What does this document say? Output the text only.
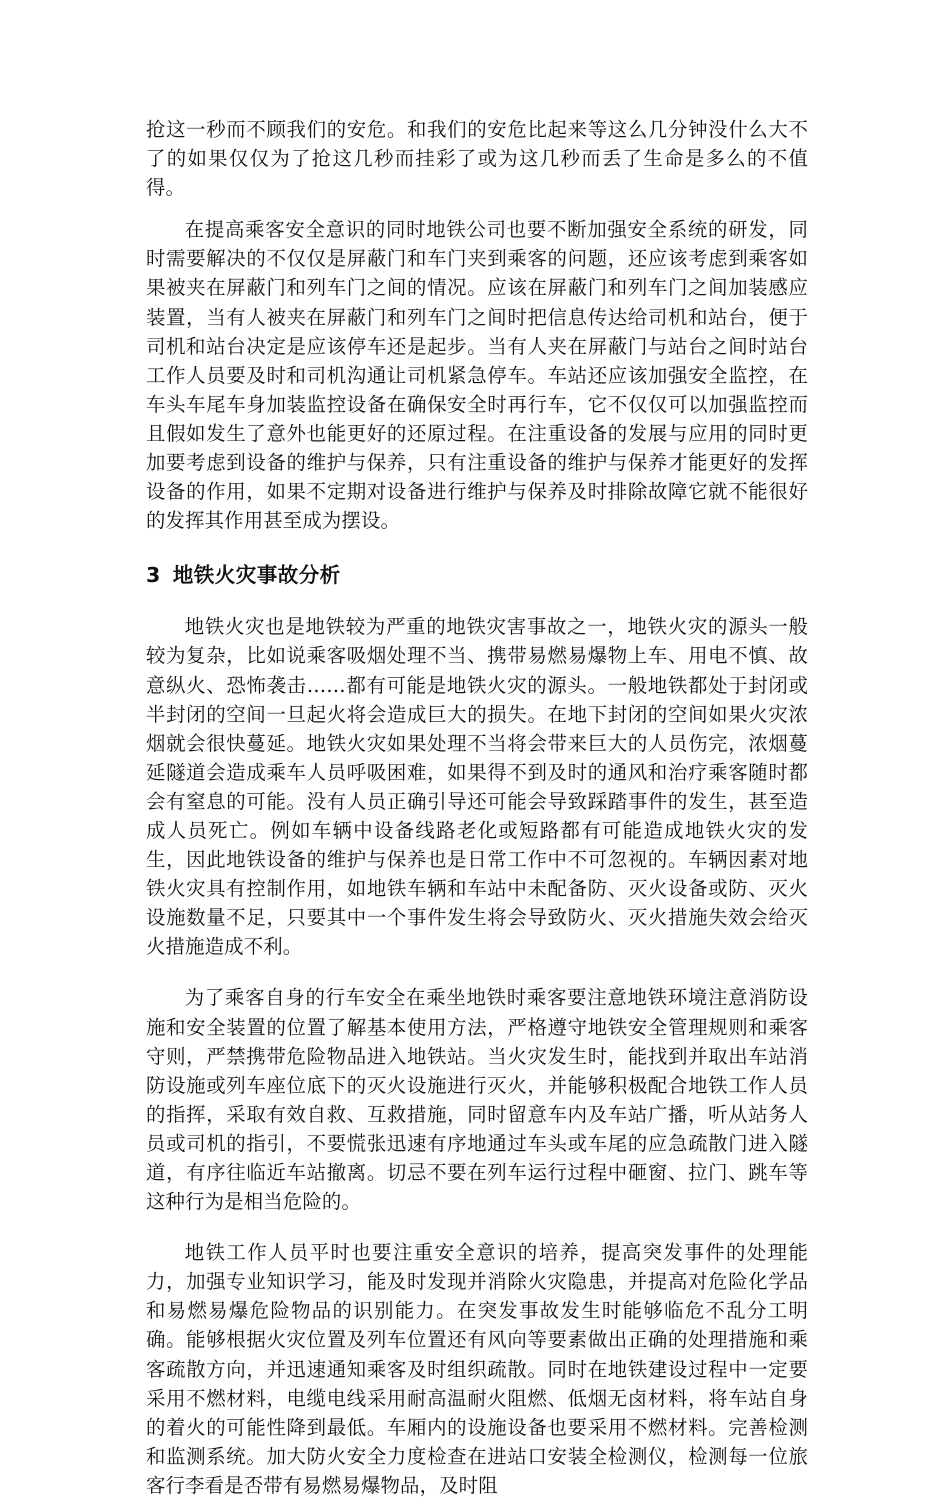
抢这一秒而不顾我们的安危。和我们的安危比起来等这么几分钟没什么大不了的如果仅仅为了抢这几秒而挂彩了或为这几秒而丢了生命是多么的不值得。

在提高乘客安全意识的同时地铁公司也要不断加强安全系统的研发，同时需要解决的不仅仅是屏蔽门和车门夹到乘客的问题，还应该考虑到乘客如果被夹在屏蔽门和列车门之间的情况。应该在屏蔽门和列车门之间加装感应装置，当有人被夹在屏蔽门和列车门之间时把信息传达给司机和站台，便于司机和站台决定是应该停车还是起步。当有人夹在屏蔽门与站台之间时站台工作人员要及时和司机沟通让司机紧急停车。车站还应该加强安全监控，在车头车尾车身加装监控设备在确保安全时再行车，它不仅仅可以加强监控而且假如发生了意外也能更好的还原过程。在注重设备的发展与应用的同时更加要考虑到设备的维护与保养，只有注重设备的维护与保养才能更好的发挥设备的作用，如果不定期对设备进行维护与保养及时排除故障它就不能很好的发挥其作用甚至成为摆设。

3 地铁火灾事故分析

地铁火灾也是地铁较为严重的地铁灾害事故之一，地铁火灾的源头一般较为复杂，比如说乘客吸烟处理不当、携带易燃易爆物上车、用电不慎、故意纵火、恐怖袭击……都有可能是地铁火灾的源头。一般地铁都处于封闭或半封闭的空间一旦起火将会造成巨大的损失。在地下封闭的空间如果火灾浓烟就会很快蔓延。地铁火灾如果处理不当将会带来巨大的人员伤完，浓烟蔓延隧道会造成乘车人员呼吸困难，如果得不到及时的通风和治疗乘客随时都会有窒息的可能。没有人员正确引导还可能会导致踩踏事件的发生，甚至造成人员死亡。例如车辆中设备线路老化或短路都有可能造成地铁火灾的发生，因此地铁设备的维护与保养也是日常工作中不可忽视的。车辆因素对地铁火灾具有控制作用，如地铁车辆和车站中未配备防、灭火设备或防、灭火设施数量不足，只要其中一个事件发生将会导致防火、灭火措施失效会给灭火措施造成不利。

为了乘客自身的行车安全在乘坐地铁时乘客要注意地铁环境注意消防设施和安全装置的位置了解基本使用方法，严格遵守地铁安全管理规则和乘客守则，严禁携带危险物品进入地铁站。当火灾发生时，能找到并取出车站消防设施或列车座位底下的灭火设施进行灭火，并能够积极配合地铁工作人员的指挥，采取有效自救、互救措施，同时留意车内及车站广播，听从站务人员或司机的指引，不要慌张迅速有序地通过车头或车尾的应急疏散门进入隧道，有序往临近车站撤离。切忌不要在列车运行过程中砸窗、拉门、跳车等这种行为是相当危险的。

地铁工作人员平时也要注重安全意识的培养，提高突发事件的处理能力，加强专业知识学习，能及时发现并消除火灾隐患，并提高对危险化学品和易燃易爆危险物品的识别能力。在突发事故发生时能够临危不乱分工明确。能够根据火灾位置及列车位置还有风向等要素做出正确的处理措施和乘客疏散方向，并迅速通知乘客及时组织疏散。同时在地铁建设过程中一定要采用不燃材料，电缆电线采用耐高温耐火阻燃、低烟无卤材料，将车站自身的着火的可能性降到最低。车厢内的设施设备也要采用不燃材料。完善检测和监测系统。加大防火安全力度检查在进站口安装全检测仪，检测每一位旅客行李看是否带有易燃易爆物品，及时阻
